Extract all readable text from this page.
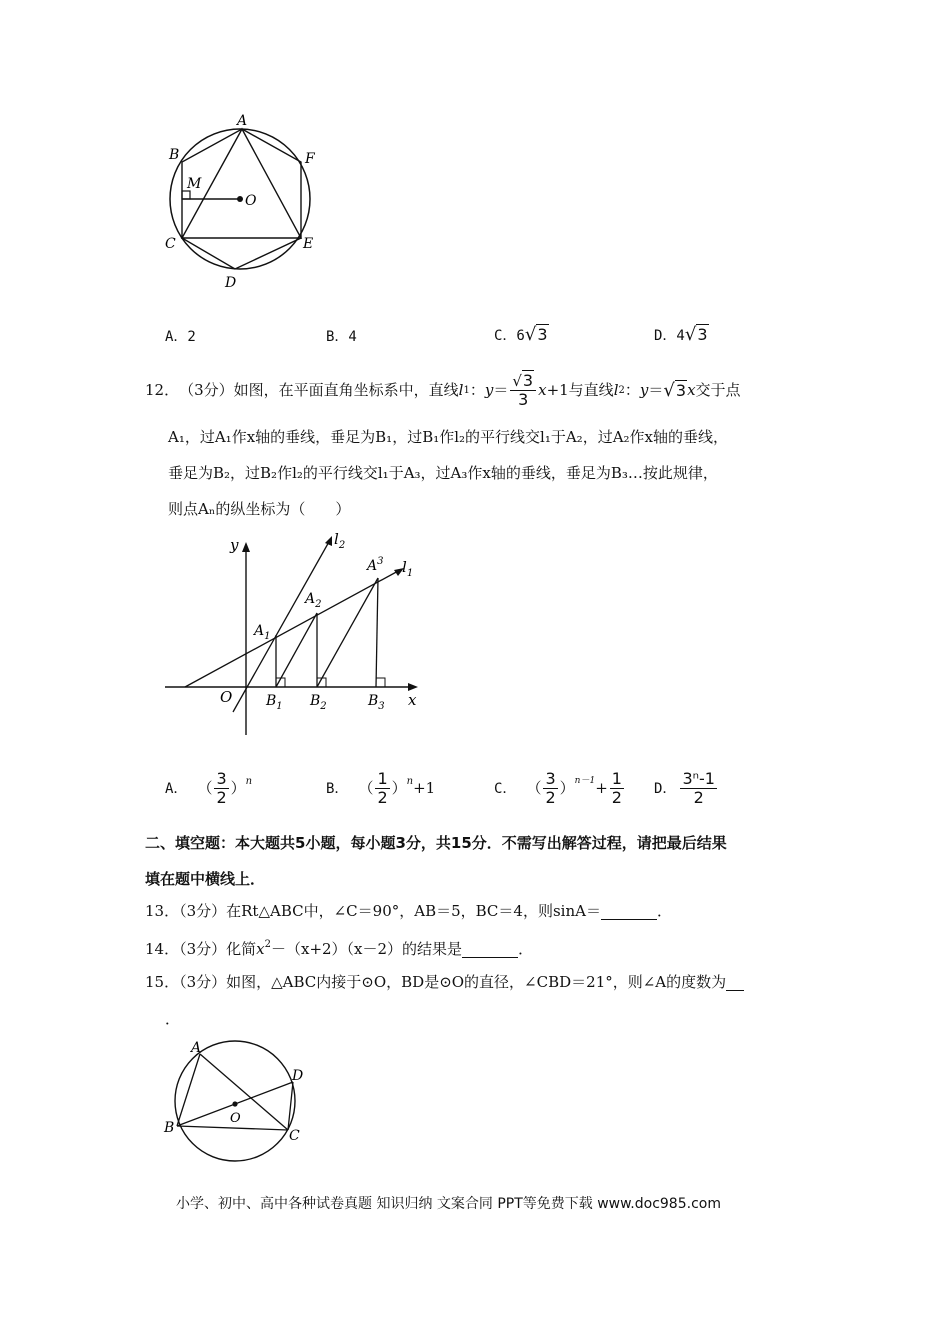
A
B	F
M
O
C	E
D
A．2	B．4	C．6√3	D．4√3
12． （3分）如图，在平面直角坐标系中，直线 l 1 ： $y = \frac{√3}{3}$ x +1与直线 l 2 ： y ＝ √3 x 交于点
A₁，过A₁作x轴的垂线，垂足为B₁，过B₁作l₂的平行线交l₁于A₂，过A₂作x轴的垂线，
垂足为B₂，过B₂作l₂的平行线交l₁于A₃，过A₃作x轴的垂线，垂足为B₃…按此规律，
则点Aₙ的纵坐标为（　　）
y
x
O
$l_2$
$l_1$
$A_1$
$A_2$
$A^3$
$B_1$ $B_2$	$B_3$
A． （ $\frac{3}{2}$ ） n	B． （ $\frac{1}{2}$ ） n +1	C． （ $\frac{3}{2}$ ） $n-1 + \frac{1}{2}$ D． $\frac{\text{3ⁿ-1}}{2}$
二、填空题：本大题共5小题，每小题3分，共15分．不需写出解答过程，请把最后结果
填在题中横线上．
13．（3分）在Rt△ABC中，∠C＝90°，AB＝5，BC＝4，则sinA＝	．
14．（3分）化简$x^2-(x+2)(x-2)$的结果是	．
15．（3分）如图，△ABC内接于⊙O，BD是⊙O的直径，∠CBD＝21°，则∠A的度数为
．
A
B	C
D
O
小学、初中、高中各种试卷真题 知识归纳 文案合同 PPT等免费下载 www.doc985.com
